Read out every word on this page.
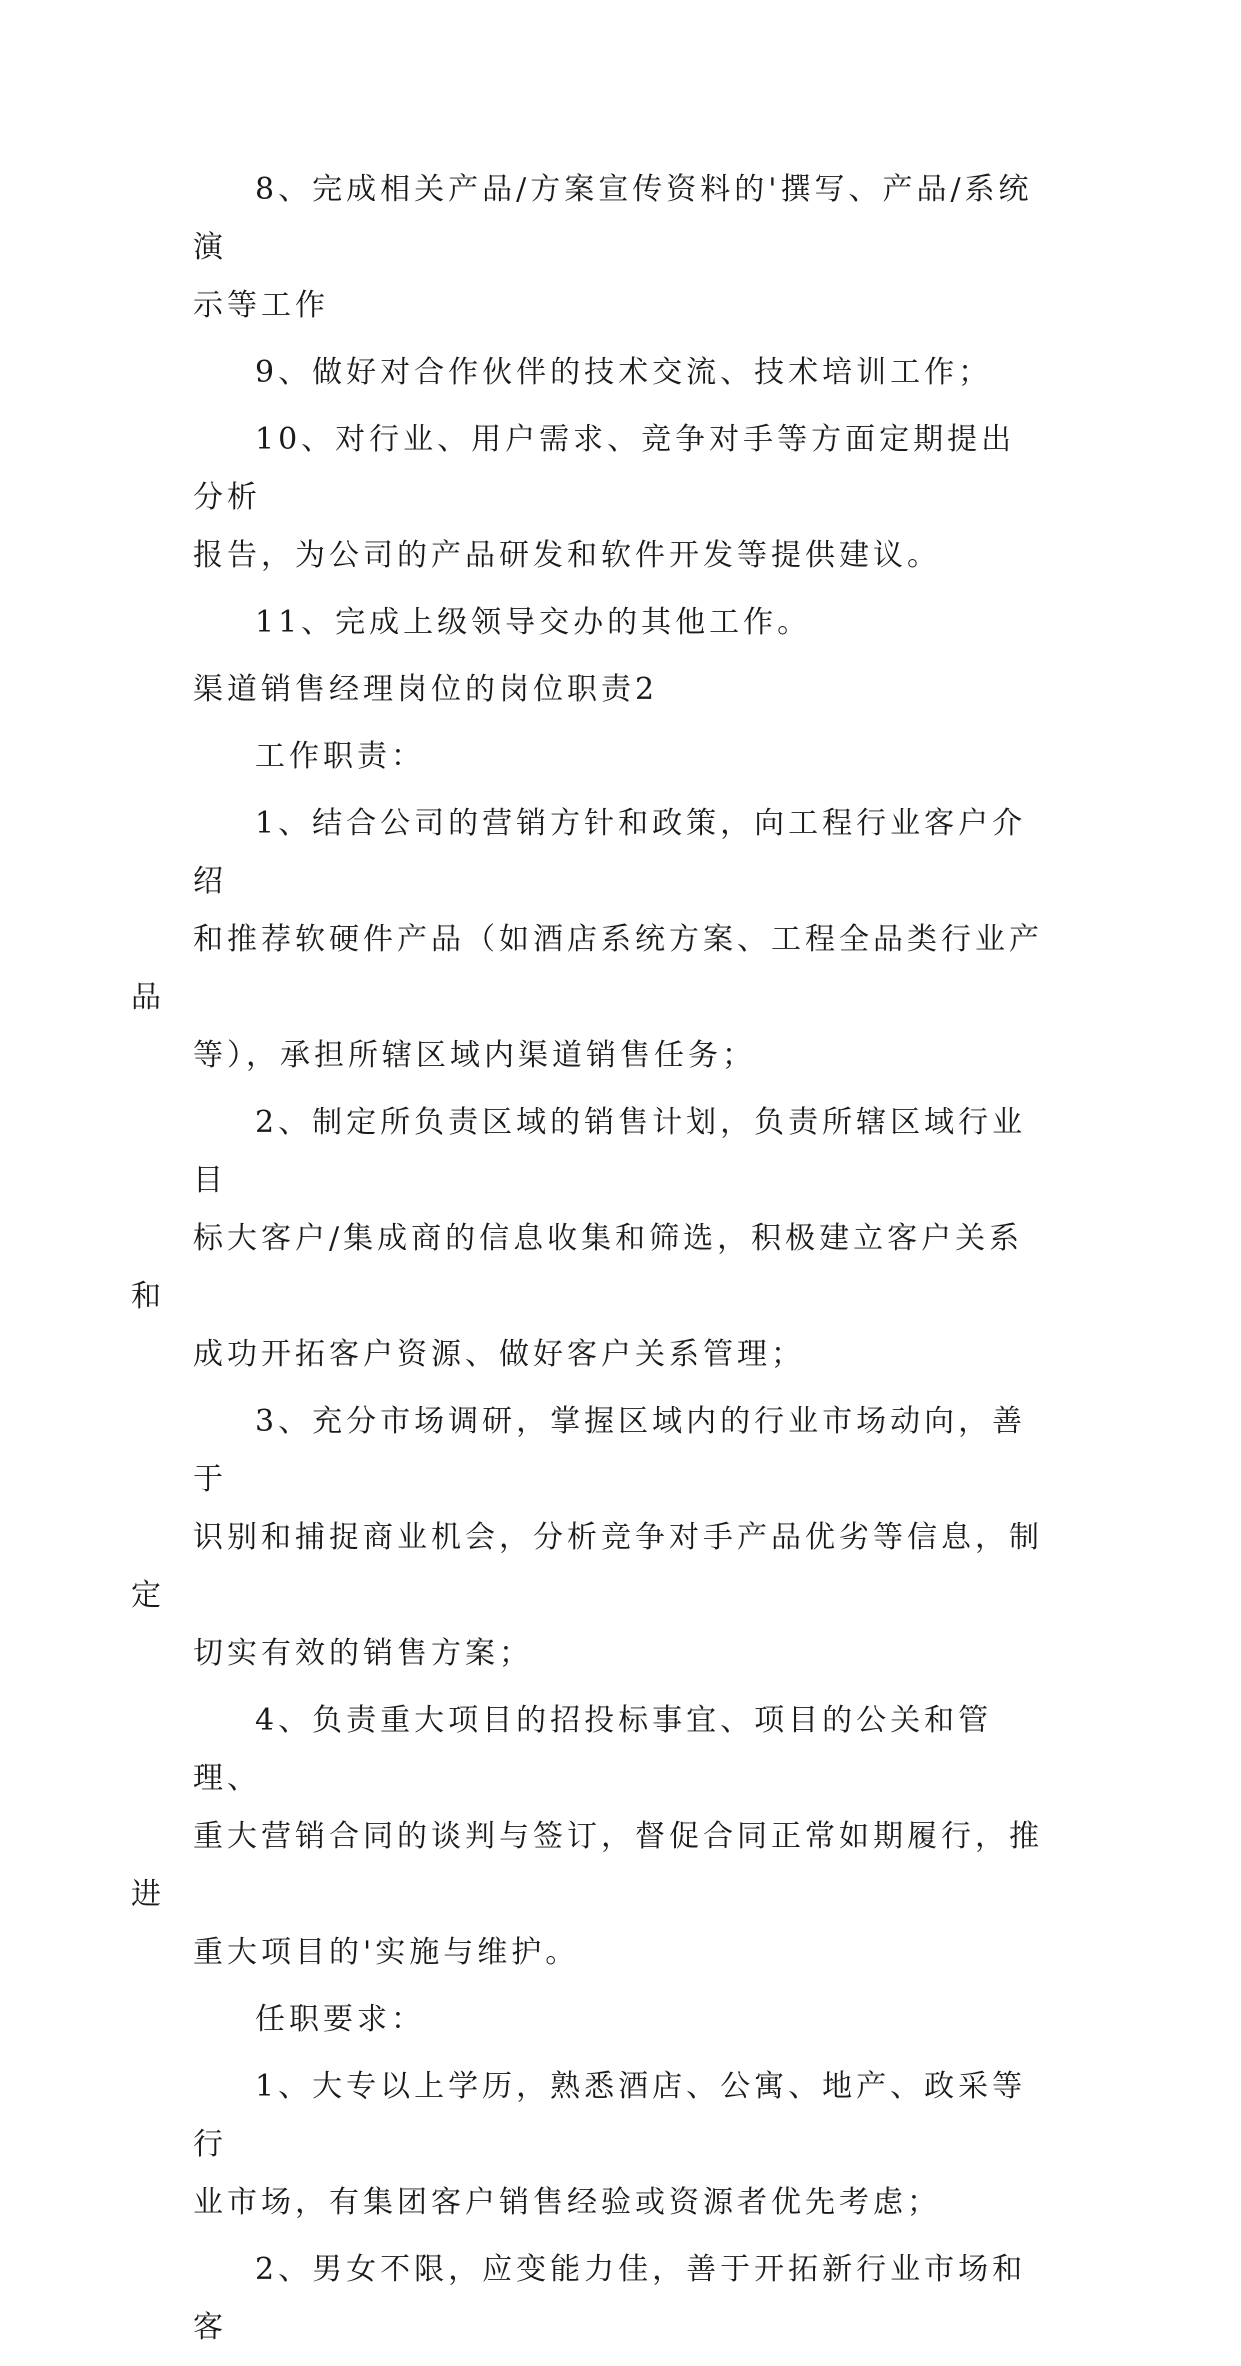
8、完成相关产品/方案宣传资料的'撰写、产品/系统演
示等工作

9、做好对合作伙伴的技术交流、技术培训工作；

10、对行业、用户需求、竞争对手等方面定期提出分析
报告，为公司的产品研发和软件开发等提供建议。

11、完成上级领导交办的其他工作。

渠道销售经理岗位的岗位职责2

工作职责：

1、结合公司的营销方针和政策，向工程行业客户介绍
和推荐软硬件产品（如酒店系统方案、工程全品类行业产品
等），承担所辖区域内渠道销售任务；

2、制定所负责区域的销售计划，负责所辖区域行业目
标大客户/集成商的信息收集和筛选，积极建立客户关系和
成功开拓客户资源、做好客户关系管理；

3、充分市场调研，掌握区域内的行业市场动向，善于
识别和捕捉商业机会，分析竞争对手产品优劣等信息，制定
切实有效的销售方案；

4、负责重大项目的招投标事宜、项目的公关和管理、
重大营销合同的谈判与签订，督促合同正常如期履行，推进
重大项目的'实施与维护。

任职要求：

1、大专以上学历，熟悉酒店、公寓、地产、政采等行
业市场，有集团客户销售经验或资源者优先考虑；

2、男女不限，应变能力佳，善于开拓新行业市场和客
